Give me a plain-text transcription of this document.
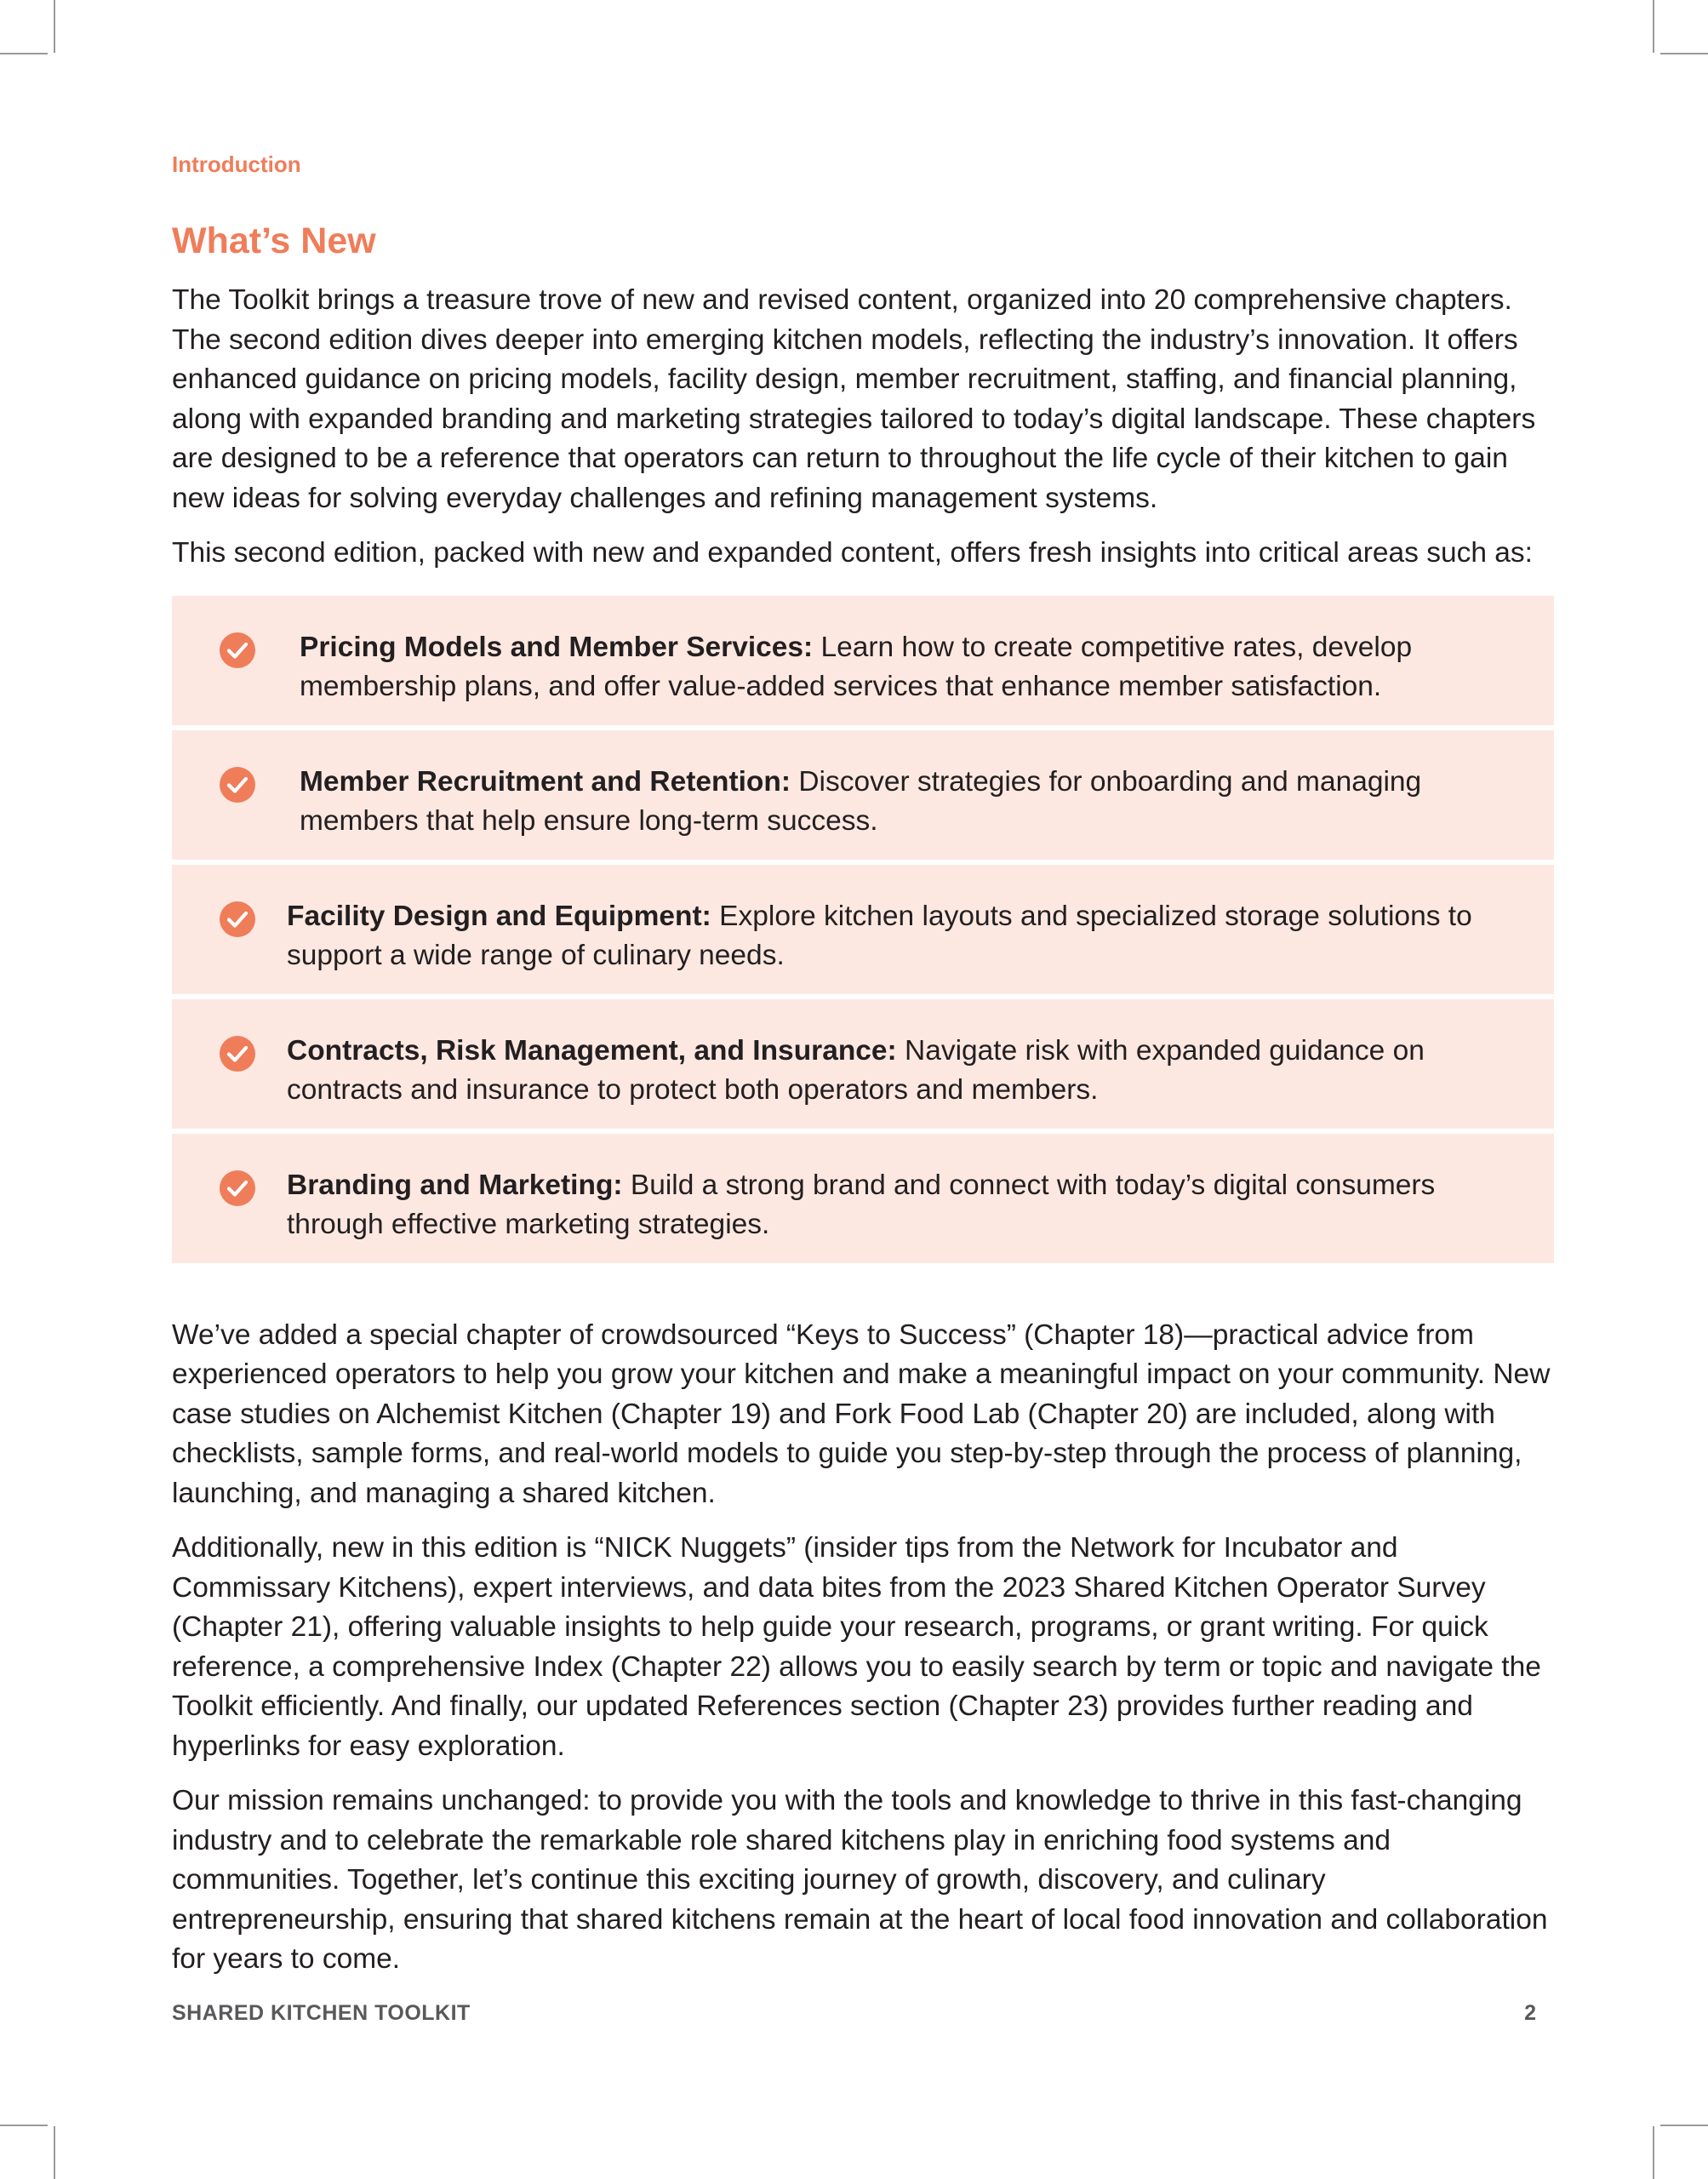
Introduction
What’s New

The Toolkit brings a treasure trove of new and revised content, organized into 20 comprehensive chapters. The second edition dives deeper into emerging kitchen models, reflecting the industry’s innovation. It offers enhanced guidance on pricing models, facility design, member recruitment, staffing, and financial planning, along with expanded branding and marketing strategies tailored to today’s digital landscape. These chapters are designed to be a reference that operators can return to throughout the life cycle of their kitchen to gain new ideas for solving everyday challenges and refining management systems.

This second edition, packed with new and expanded content, offers fresh insights into critical areas such as:

Pricing Models and Member Services: Learn how to create competitive rates, develop membership plans, and offer value-added services that enhance member satisfaction.

Member Recruitment and Retention: Discover strategies for onboarding and managing members that help ensure long-term success.

Facility Design and Equipment: Explore kitchen layouts and specialized storage solutions to support a wide range of culinary needs.

Contracts, Risk Management, and Insurance: Navigate risk with expanded guidance on contracts and insurance to protect both operators and members.

Branding and Marketing: Build a strong brand and connect with today’s digital consumers through effective marketing strategies.

We’ve added a special chapter of crowdsourced “Keys to Success” (Chapter 18)—practical advice from experienced operators to help you grow your kitchen and make a meaningful impact on your community. New case studies on Alchemist Kitchen (Chapter 19) and Fork Food Lab (Chapter 20) are included, along with checklists, sample forms, and real-world models to guide you step-by-step through the process of planning, launching, and managing a shared kitchen.

Additionally, new in this edition is “NICK Nuggets” (insider tips from the Network for Incubator and Commissary Kitchens), expert interviews, and data bites from the 2023 Shared Kitchen Operator Survey (Chapter 21), offering valuable insights to help guide your research, programs, or grant writing. For quick reference, a comprehensive Index (Chapter 22) allows you to easily search by term or topic and navigate the Toolkit efficiently. And finally, our updated References section (Chapter 23) provides further reading and hyperlinks for easy exploration.

Our mission remains unchanged: to provide you with the tools and knowledge to thrive in this fast-changing industry and to celebrate the remarkable role shared kitchens play in enriching food systems and communities. Together, let’s continue this exciting journey of growth, discovery, and culinary entrepreneurship, ensuring that shared kitchens remain at the heart of local food innovation and collaboration for years to come.

SHARED KITCHEN TOOLKIT	2
